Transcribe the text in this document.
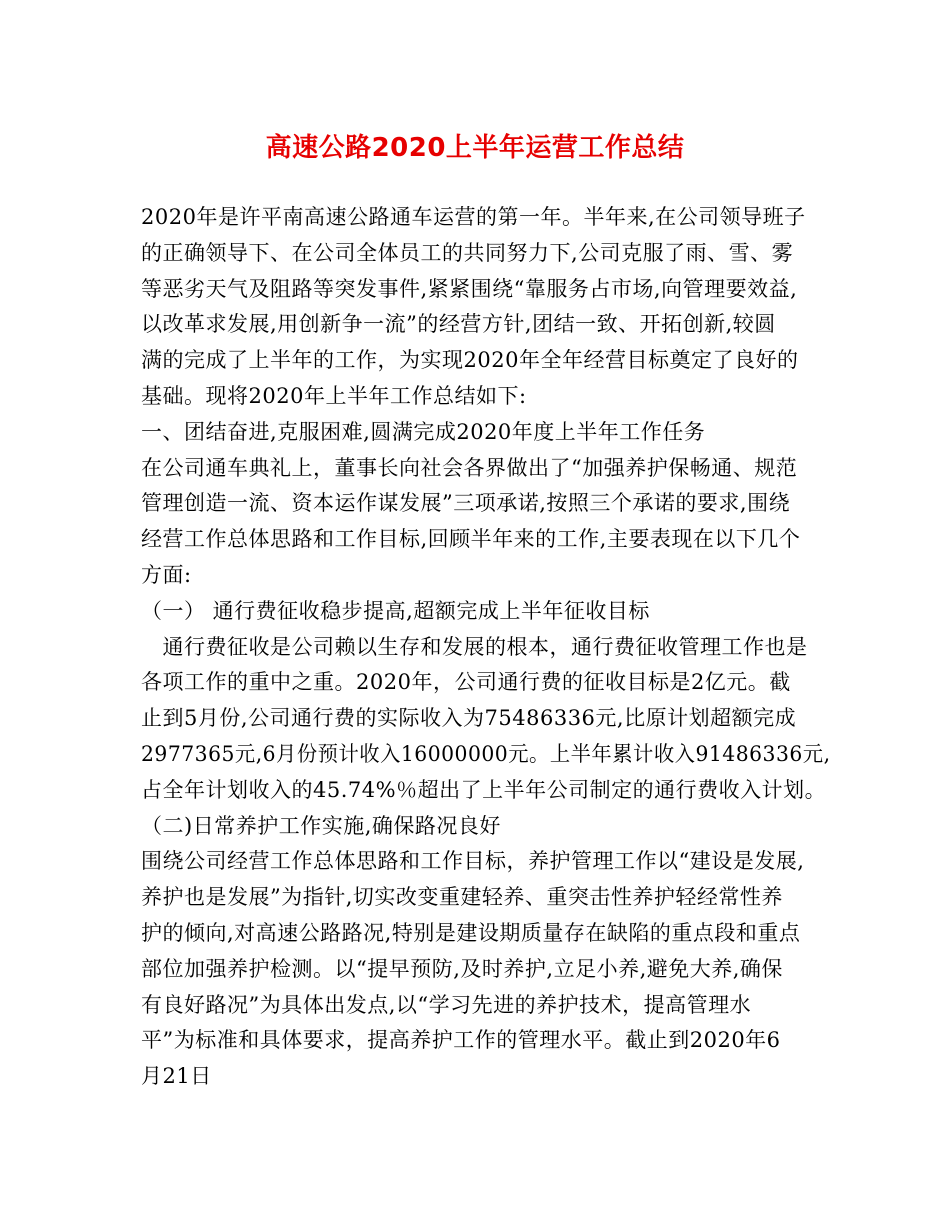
高速公路2020上半年运营工作总结
2020年是许平南高速公路通车运营的第一年。半年来,在公司领导班子
的正确领导下、在公司全体员工的共同努力下,公司克服了雨、雪、雾
等恶劣天气及阻路等突发事件,紧紧围绕“靠服务占市场,向管理要效益,
以改革求发展,用创新争一流”的经营方针,团结一致、开拓创新,较圆
满的完成了上半年的工作，为实现2020年全年经营目标奠定了良好的
基础。现将2020年上半年工作总结如下:
一、团结奋进,克服困难,圆满完成2020年度上半年工作任务
在公司通车典礼上，董事长向社会各界做出了“加强养护保畅通、规范
管理创造一流、资本运作谋发展”三项承诺,按照三个承诺的要求,围绕
经营工作总体思路和工作目标,回顾半年来的工作,主要表现在以下几个
方面:
（一） 通行费征收稳步提高,超额完成上半年征收目标
　通行费征收是公司赖以生存和发展的根本，通行费征收管理工作也是
各项工作的重中之重。2020年，公司通行费的征收目标是2亿元。截
止到5月份,公司通行费的实际收入为75486336元,比原计划超额完成
2977365元,6月份预计收入16000000元。上半年累计收入91486336元,
占全年计划收入的45.74%％超出了上半年公司制定的通行费收入计划。
（二)日常养护工作实施,确保路况良好
围绕公司经营工作总体思路和工作目标，养护管理工作以“建设是发展,
养护也是发展”为指针,切实改变重建轻养、重突击性养护轻经常性养
护的倾向,对高速公路路况,特别是建设期质量存在缺陷的重点段和重点
部位加强养护检测。以“提早预防,及时养护,立足小养,避免大养,确保
有良好路况”为具体出发点,以“学习先进的养护技术，提高管理水
平”为标准和具体要求，提高养护工作的管理水平。截止到2020年6
月21日
